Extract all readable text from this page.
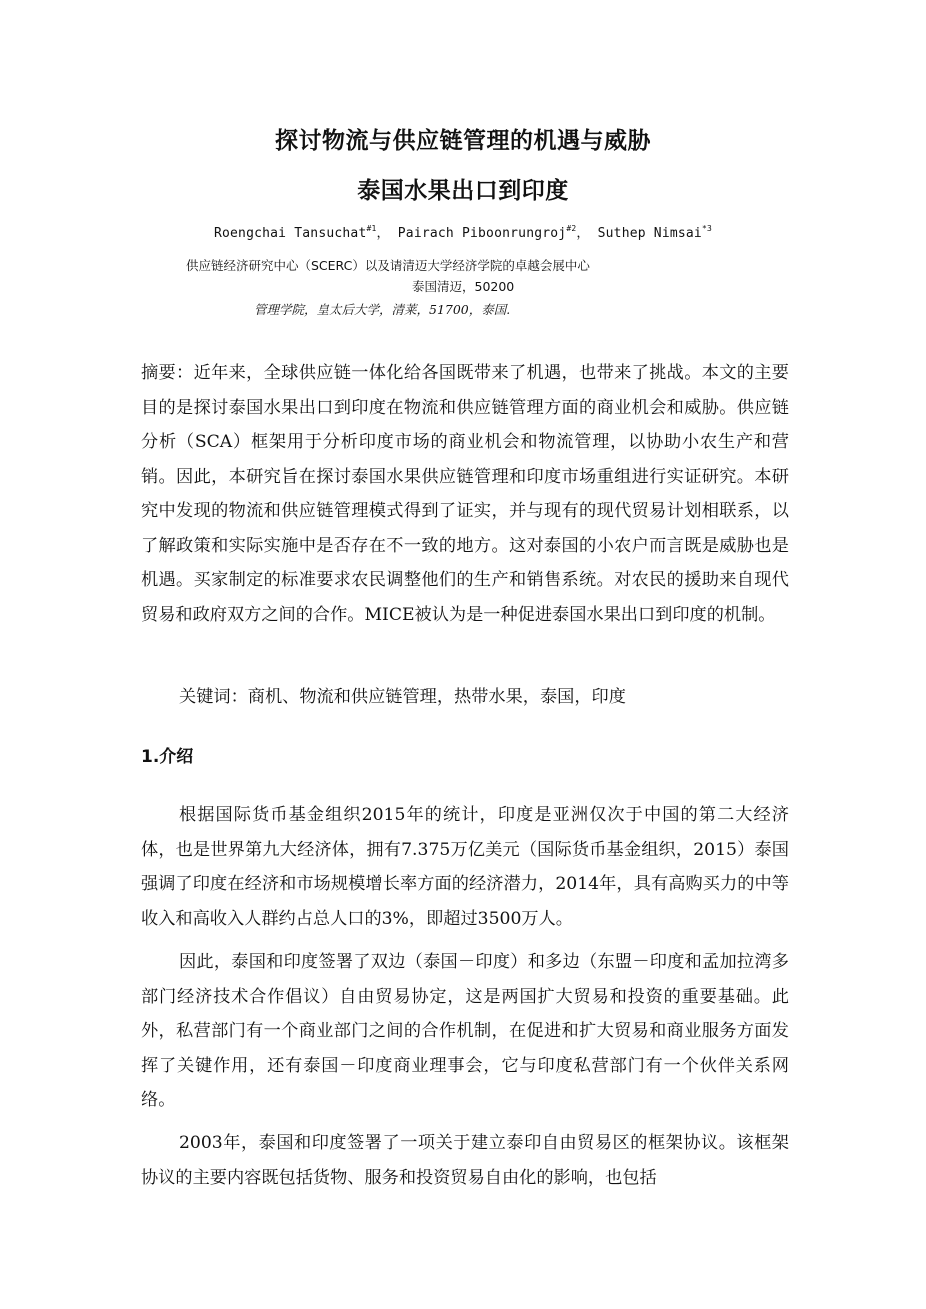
探讨物流与供应链管理的机遇与威胁
泰国水果出口到印度
Roengchai Tansuchat$^{\#1}$， Pairach Piboonrungroj$^{\#2}$， Suthep Nimsai$^{*3}$
供应链经济研究中心（SCERC）以及请清迈大学经济学院的卓越会展中心
泰国清迈，50200
管理学院，皇太后大学，清莱，51700，泰国.

摘要：近年来，全球供应链一体化给各国既带来了机遇，也带来了挑战。本文的主要目的是探讨泰国水果出口到印度在物流和供应链管理方面的商业机会和威胁。供应链分析（SCA）框架用于分析印度市场的商业机会和物流管理，以协助小农生产和营销。因此，本研究旨在探讨泰国水果供应链管理和印度市场重组进行实证研究。本研究中发现的物流和供应链管理模式得到了证实，并与现有的现代贸易计划相联系，以了解政策和实际实施中是否存在不一致的地方。这对泰国的小农户而言既是威胁也是机遇。买家制定的标准要求农民调整他们的生产和销售系统。对农民的援助来自现代贸易和政府双方之间的合作。MICE被认为是一种促进泰国水果出口到印度的机制。

关键词：商机、物流和供应链管理，热带水果，泰国，印度
1.介绍

根据国际货币基金组织2015年的统计，印度是亚洲仅次于中国的第二大经济体，也是世界第九大经济体，拥有7.375万亿美元（国际货币基金组织，2015）泰国强调了印度在经济和市场规模增长率方面的经济潜力，2014年，具有高购买力的中等收入和高收入人群约占总人口的3%，即超过3500万人。

因此，泰国和印度签署了双边（泰国－印度）和多边（东盟－印度和孟加拉湾多部门经济技术合作倡议）自由贸易协定，这是两国扩大贸易和投资的重要基础。此外，私营部门有一个商业部门之间的合作机制，在促进和扩大贸易和商业服务方面发挥了关键作用，还有泰国－印度商业理事会，它与印度私营部门有一个伙伴关系网络。

2003年，泰国和印度签署了一项关于建立泰印自由贸易区的框架协议。该框架协议的主要内容既包括货物、服务和投资贸易自由化的影响，也包括
